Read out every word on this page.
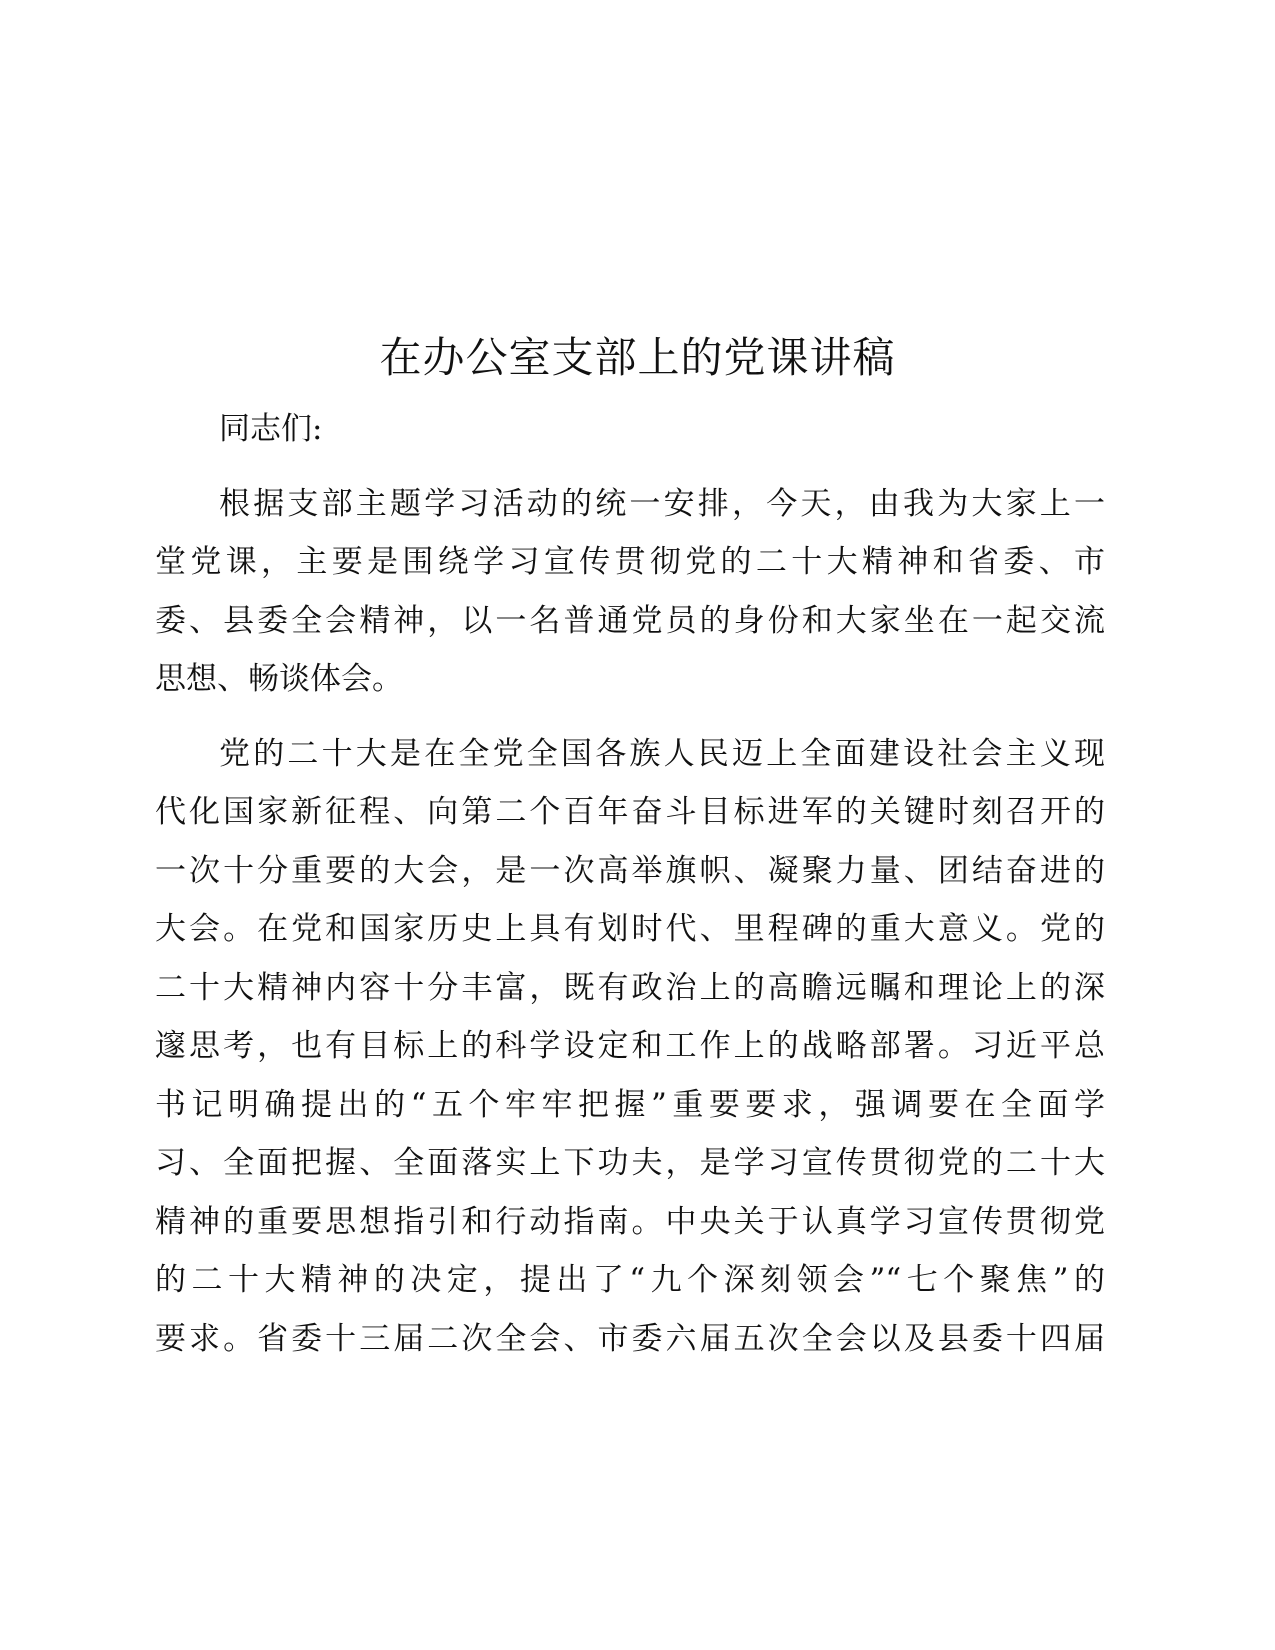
在办公室支部上的党课讲稿

同志们:

根据支部主题学习活动的统一安排，今天，由我为大家上一

堂党课，主要是围绕学习宣传贯彻党的二十大精神和省委、市

委、县委全会精神，以一名普通党员的身份和大家坐在一起交流

思想、畅谈体会。

党的二十大是在全党全国各族人民迈上全面建设社会主义现

代化国家新征程、向第二个百年奋斗目标进军的关键时刻召开的

一次十分重要的大会，是一次高举旗帜、凝聚力量、团结奋进的

大会。在党和国家历史上具有划时代、里程碑的重大意义。党的

二十大精神内容十分丰富，既有政治上的高瞻远瞩和理论上的深

邃思考，也有目标上的科学设定和工作上的战略部署。习近平总

书记明确提出的“五个牢牢把握”重要要求，强调要在全面学

习、全面把握、全面落实上下功夫，是学习宣传贯彻党的二十大

精神的重要思想指引和行动指南。中央关于认真学习宣传贯彻党

的二十大精神的决定，提出了“九个深刻领会”“七个聚焦”的

要求。省委十三届二次全会、市委六届五次全会以及县委十四届
